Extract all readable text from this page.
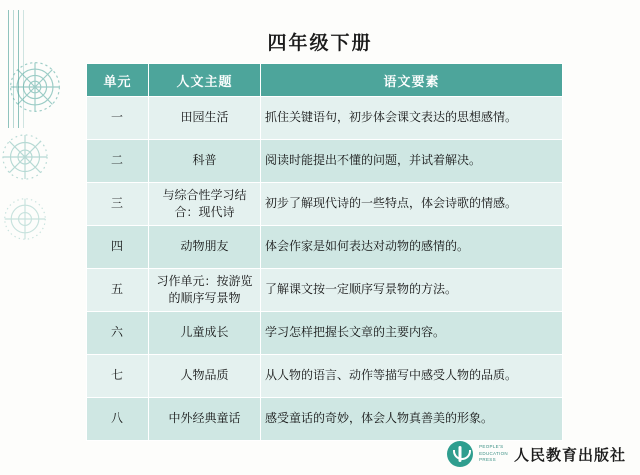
四年级下册
单元	人文主题	语文要素
一	田园生活	抓住关键语句，初步体会课文表达的思想感情。
二	科普	阅读时能提出不懂的问题，并试着解决。
三	与综合性学习结合：现代诗	初步了解现代诗的一些特点，体会诗歌的情感。
四	动物朋友	体会作家是如何表达对动物的感情的。
五	习作单元：按游览的顺序写景物	了解课文按一定顺序写景物的方法。
六	儿童成长	学习怎样把握长文章的主要内容。
七	人物品质	从人物的语言、动作等描写中感受人物的品质。
八	中外经典童话	感受童话的奇妙，体会人物真善美的形象。
PEOPLE'S
EDUCATION
PRESS	人民教育出版社
